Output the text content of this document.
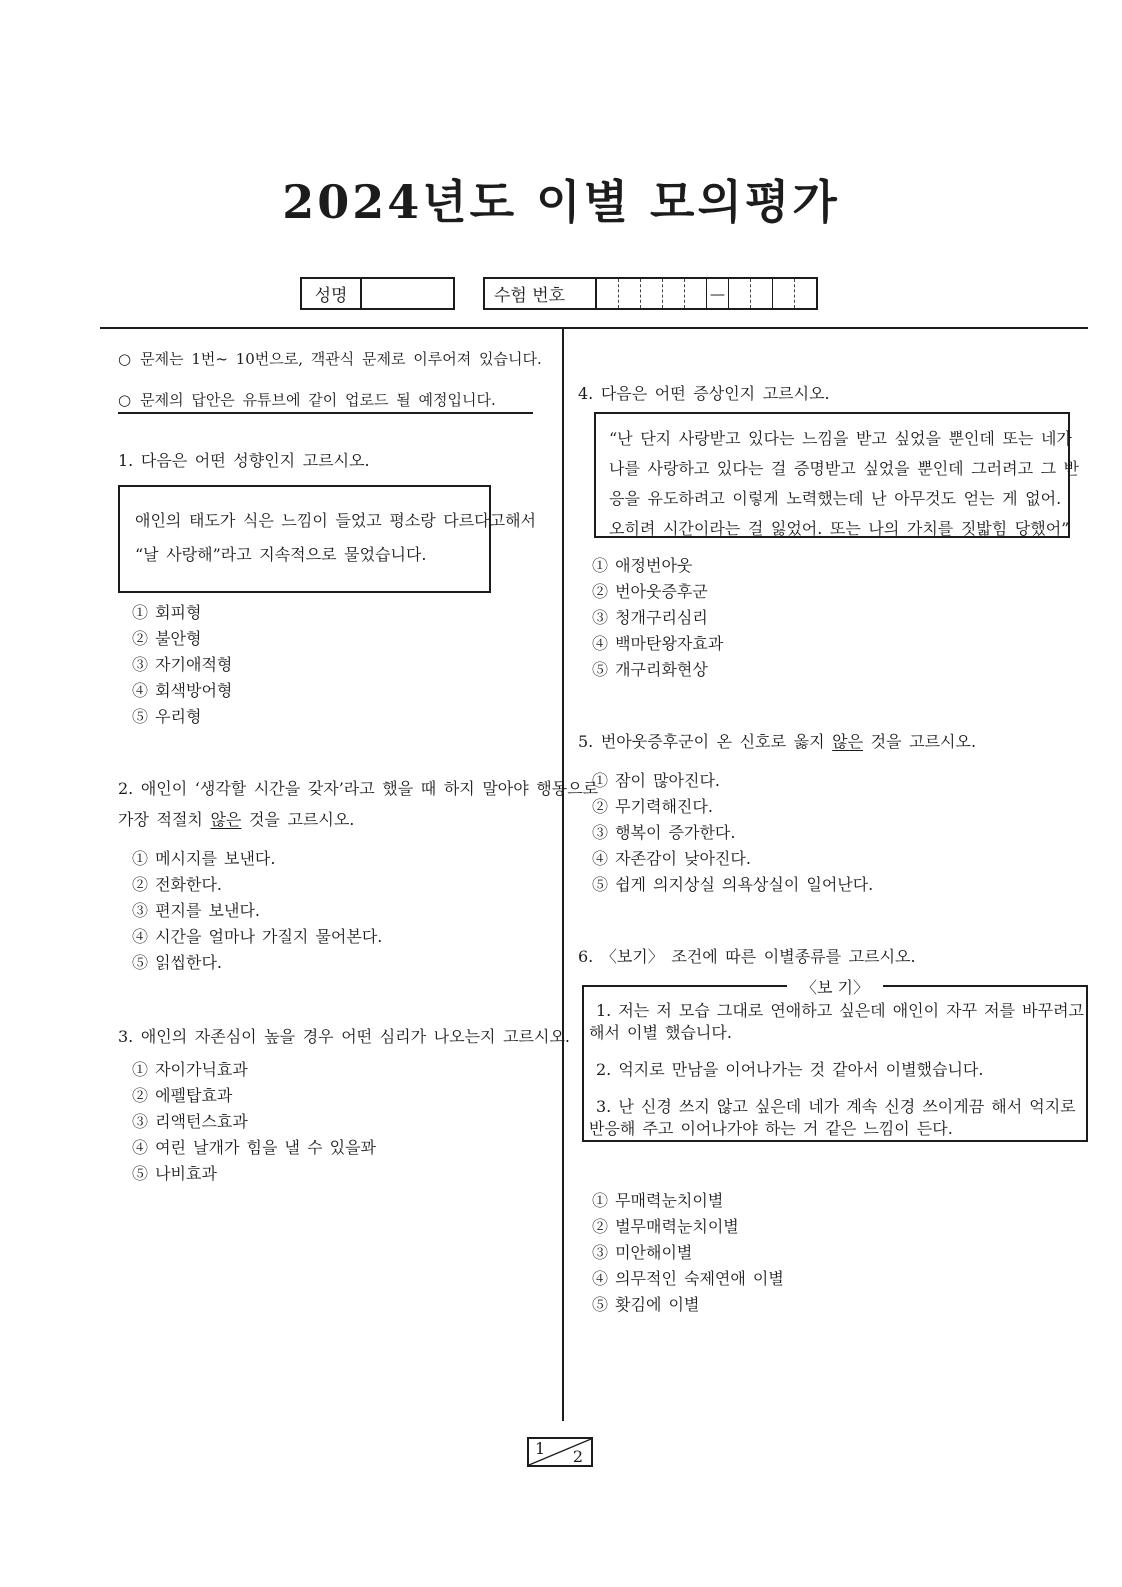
2024년도 이별 모의평가
성명	수험 번호	—

○ 문제는 1번~ 10번으로, 객관식 문제로 이루어져 있습니다.

○ 문제의 답안은 유튜브에 같이 업로드 될 예정입니다.

1. 다음은 어떤 성향인지 고르시오.
애인의 태도가 식은 느낌이 들었고 평소랑 다르다고해서
“날 사랑해”라고 지속적으로 물었습니다.
① 회피형
② 불안형
③ 자기애적형
④ 회색방어형
⑤ 우리형
2. 애인이 ‘생각할 시간을 갖자’라고 했을 때 하지 말아야 행동으로
가장 적절치 않은 것을 고르시오.
① 메시지를 보낸다.
② 전화한다.
③ 편지를 보낸다.
④ 시간을 얼마나 가질지 물어본다.
⑤ 읽씹한다.
3. 애인의 자존심이 높을 경우 어떤 심리가 나오는지 고르시오.
① 자이가닉효과
② 에펠탑효과
③ 리액턴스효과
④ 여린 날개가 힘을 낼 수 있을꽈
⑤ 나비효과
4. 다음은 어떤 증상인지 고르시오.
“난 단지 사랑받고 있다는 느낌을 받고 싶었을 뿐인데 또는 네가
나를 사랑하고 있다는 걸 증명받고 싶었을 뿐인데 그러려고 그 반
응을 유도하려고 이렇게 노력했는데 난 아무것도 얻는 게 없어.
오히려 시간이라는 걸 잃었어. 또는 나의 가치를 짓밟힘 당했어”
① 애정번아웃
② 번아웃증후군
③ 청개구리심리
④ 백마탄왕자효과
⑤ 개구리화현상
5. 번아웃증후군이 온 신호로 옳지 않은 것을 고르시오.
① 잠이 많아진다.
② 무기력해진다.
③ 행복이 증가한다.
④ 자존감이 낮아진다.
⑤ 쉽게 의지상실 의욕상실이 일어난다.
6. 〈보기〉 조건에 따른 이별종류를 고르시오.
〈보 기〉
1. 저는 저 모습 그대로 연애하고 싶은데 애인이 자꾸 저를 바꾸려고
해서 이별 했습니다.
2. 억지로 만남을 이어나가는 것 같아서 이별했습니다.
3. 난 신경 쓰지 않고 싶은데 네가 계속 신경 쓰이게끔 해서 억지로
반응해 주고 이어나가야 하는 거 같은 느낌이 든다.
① 무매력눈치이별
② 벌무매력눈치이별
③ 미안해이별
④ 의무적인 숙제연애 이별
⑤ 홧김에 이별
1 2
